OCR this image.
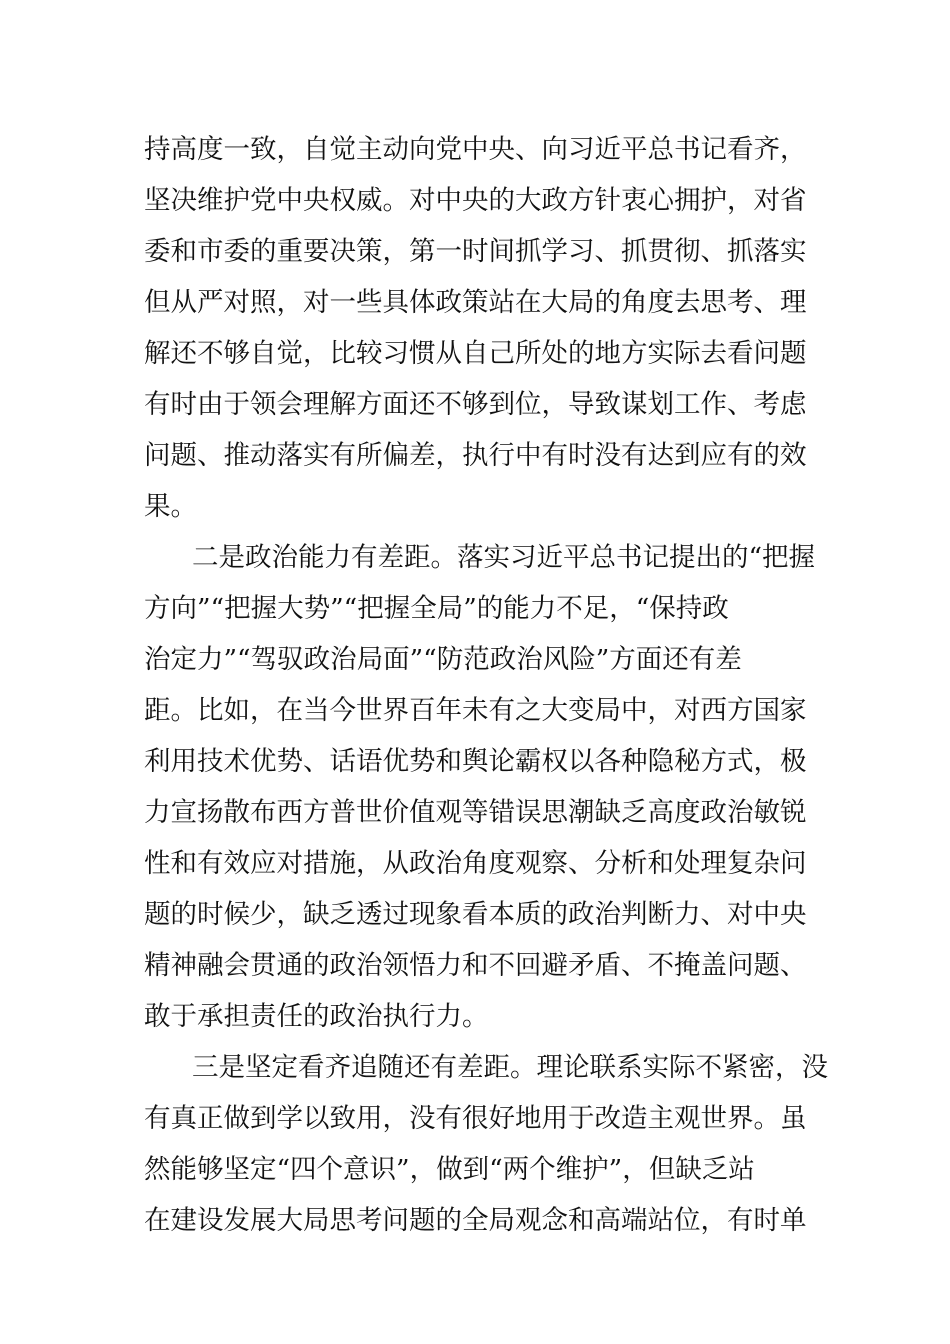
持高度一致，自觉主动向党中央、向习近平总书记看齐，
坚决维护党中央权威。对中央的大政方针衷心拥护，对省
委和市委的重要决策，第一时间抓学习、抓贯彻、抓落实
但从严对照，对一些具体政策站在大局的角度去思考、理
解还不够自觉，比较习惯从自己所处的地方实际去看问题
有时由于领会理解方面还不够到位，导致谋划工作、考虑
问题、推动落实有所偏差，执行中有时没有达到应有的效
果。
二是政治能力有差距。落实习近平总书记提出的“把握
方向”“把握大势”“把握全局”的能力不足，“保持政
治定力”“驾驭政治局面”“防范政治风险”方面还有差
距。比如，在当今世界百年未有之大变局中，对西方国家
利用技术优势、话语优势和舆论霸权以各种隐秘方式，极
力宣扬散布西方普世价值观等错误思潮缺乏高度政治敏锐
性和有效应对措施，从政治角度观察、分析和处理复杂问
题的时候少，缺乏透过现象看本质的政治判断力、对中央
精神融会贯通的政治领悟力和不回避矛盾、不掩盖问题、
敢于承担责任的政治执行力。
三是坚定看齐追随还有差距。理论联系实际不紧密，没
有真正做到学以致用，没有很好地用于改造主观世界。虽
然能够坚定“四个意识”，做到“两个维护”，但缺乏站
在建设发展大局思考问题的全局观念和高端站位，有时单
